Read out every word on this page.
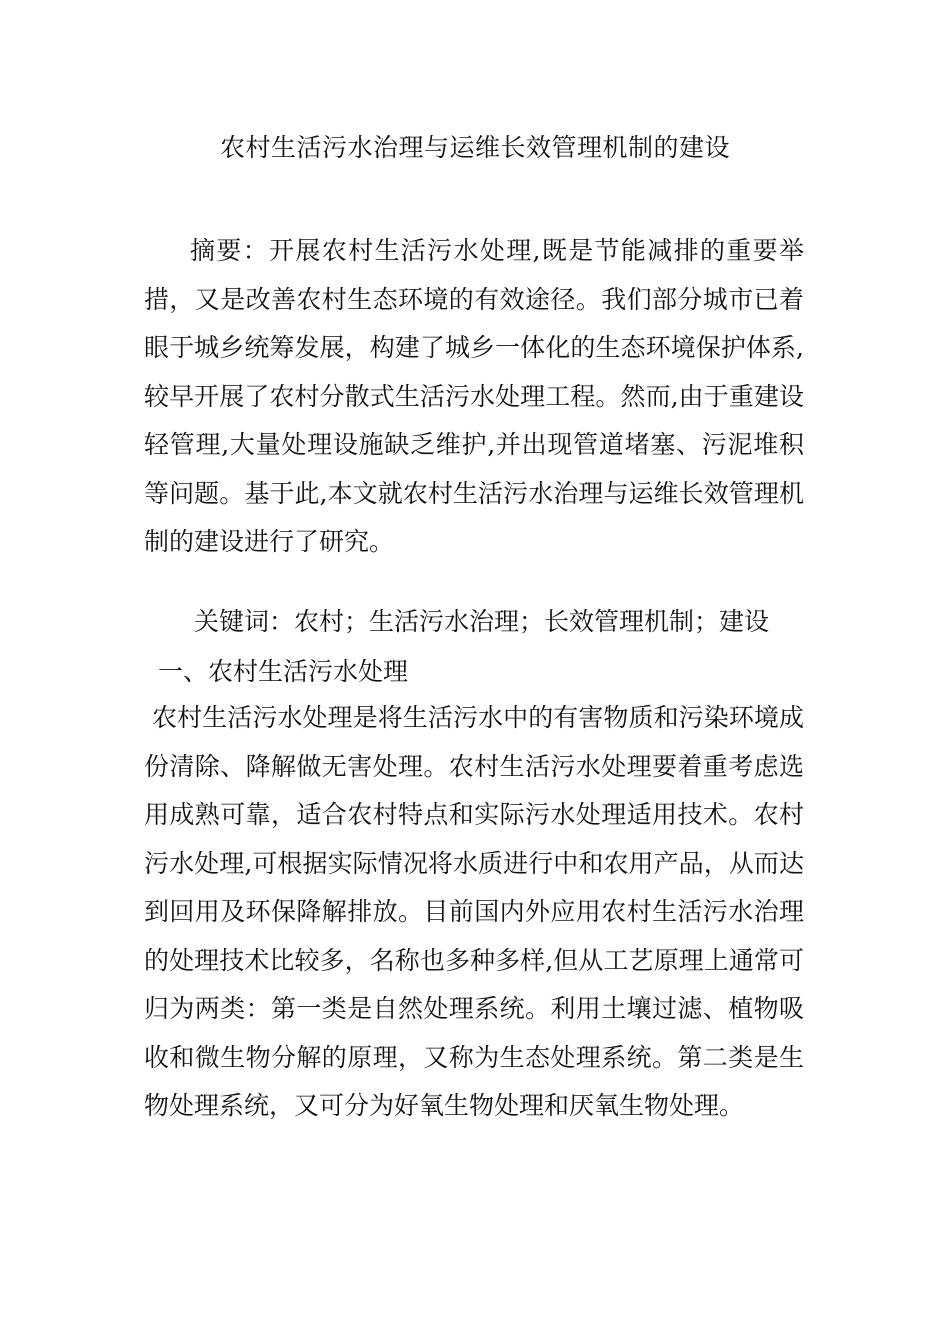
农村生活污水治理与运维长效管理机制的建设

摘要：开展农村生活污水处理,既是节能减排的重要举措，又是改善农村生态环境的有效途径。我们部分城市已着眼于城乡统筹发展，构建了城乡一体化的生态环境保护体系,较早开展了农村分散式生活污水处理工程。然而,由于重建设轻管理,大量处理设施缺乏维护,并出现管道堵塞、污泥堆积等问题。基于此,本文就农村生活污水治理与运维长效管理机制的建设进行了研究。

关键词：农村；生活污水治理；长效管理机制；建设

一、农村生活污水处理

农村生活污水处理是将生活污水中的有害物质和污染环境成份清除、降解做无害处理。农村生活污水处理要着重考虑选用成熟可靠，适合农村特点和实际污水处理适用技术。农村污水处理,可根据实际情况将水质进行中和农用产品，从而达到回用及环保降解排放。目前国内外应用农村生活污水治理的处理技术比较多，名称也多种多样,但从工艺原理上通常可归为两类：第一类是自然处理系统。利用土壤过滤、植物吸收和微生物分解的原理，又称为生态处理系统。第二类是生物处理系统，又可分为好氧生物处理和厌氧生物处理。
